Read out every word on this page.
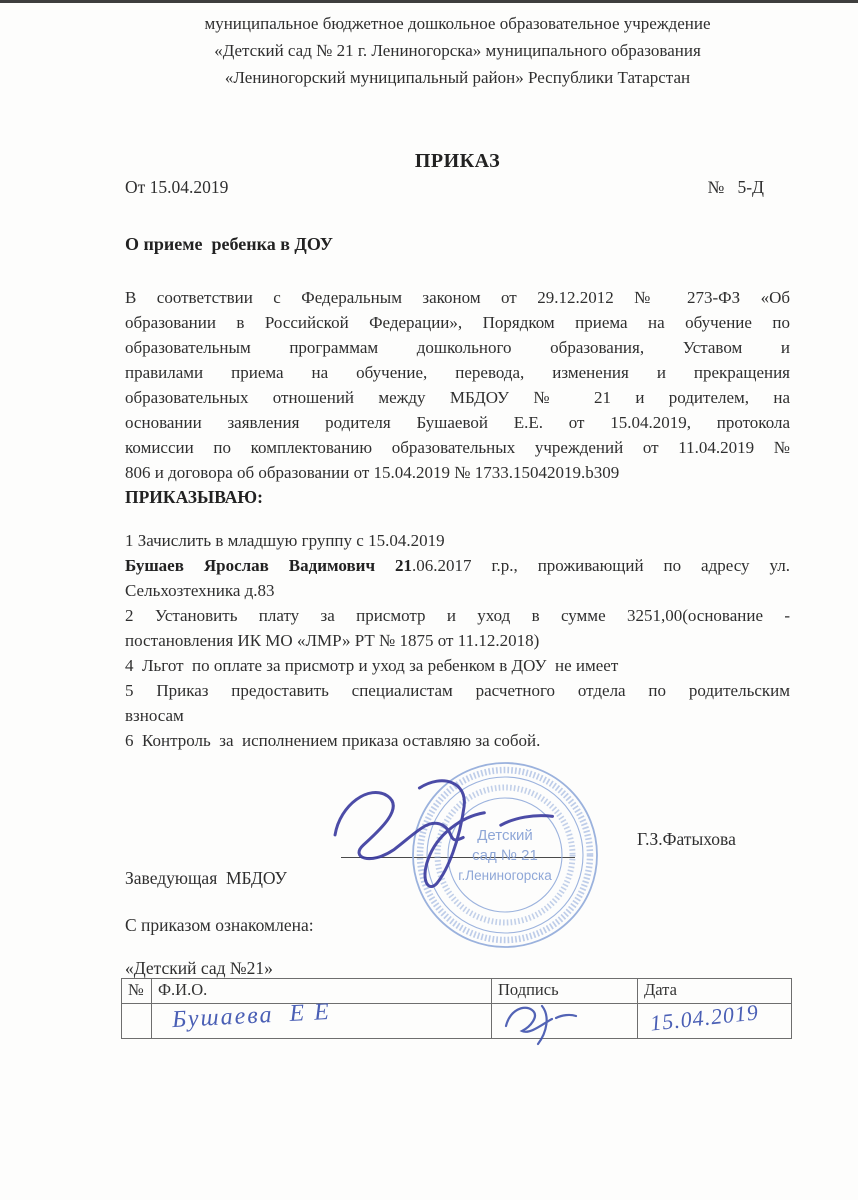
муниципальное бюджетное дошкольное образовательное учреждение
«Детский сад № 21 г. Лениногорска» муниципального образования
«Лениногорский муниципальный район» Республики Татарстан
ПРИКАЗ
От 15.04.2019	№   5-Д
О приеме  ребенка в ДОУ
В соответствии с Федеральным законом от 29.12.2012 № 273-ФЗ «Об
образовании в Российской Федерации», Порядком приема на обучение по
образовательным программам дошкольного образования, Уставом и
правилами приема на обучение, перевода, изменения и прекращения
образовательных отношений между МБДОУ № 21 и родителем, на
основании заявления родителя Бушаевой Е.Е. от 15.04.2019, протокола
комиссии по комплектованию образовательных учреждений от 11.04.2019 №
806 и договора об образовании от 15.04.2019 № 1733.15042019.b309
ПРИКАЗЫВАЮ:
1 Зачислить в младшую группу с 15.04.2019
Бушаев Ярослав Вадимович 21.06.2017 г.р., проживающий по адресу ул.
Сельхозтехника д.83
2 Установить плату за присмотр и уход в сумме 3251,00(основание -
постановления ИК МО «ЛМР» РТ № 1875 от 11.12.2018)
4  Льгот  по оплате за присмотр и уход за ребенком в ДОУ  не имеет
5 Приказ предоставить специалистам расчетного отдела по родительским
взносам
6  Контроль  за  исполнением приказа оставляю за собой.

Заведующая  МБДОУ

«Детский сад №21»

Детский
сад № 21
г.Лениногорска
Г.З.Фатыхова
С приказом ознакомлена:
№	Ф.И.О.	Подпись	Дата
	Бушаева  Е Е		15.04.2019
